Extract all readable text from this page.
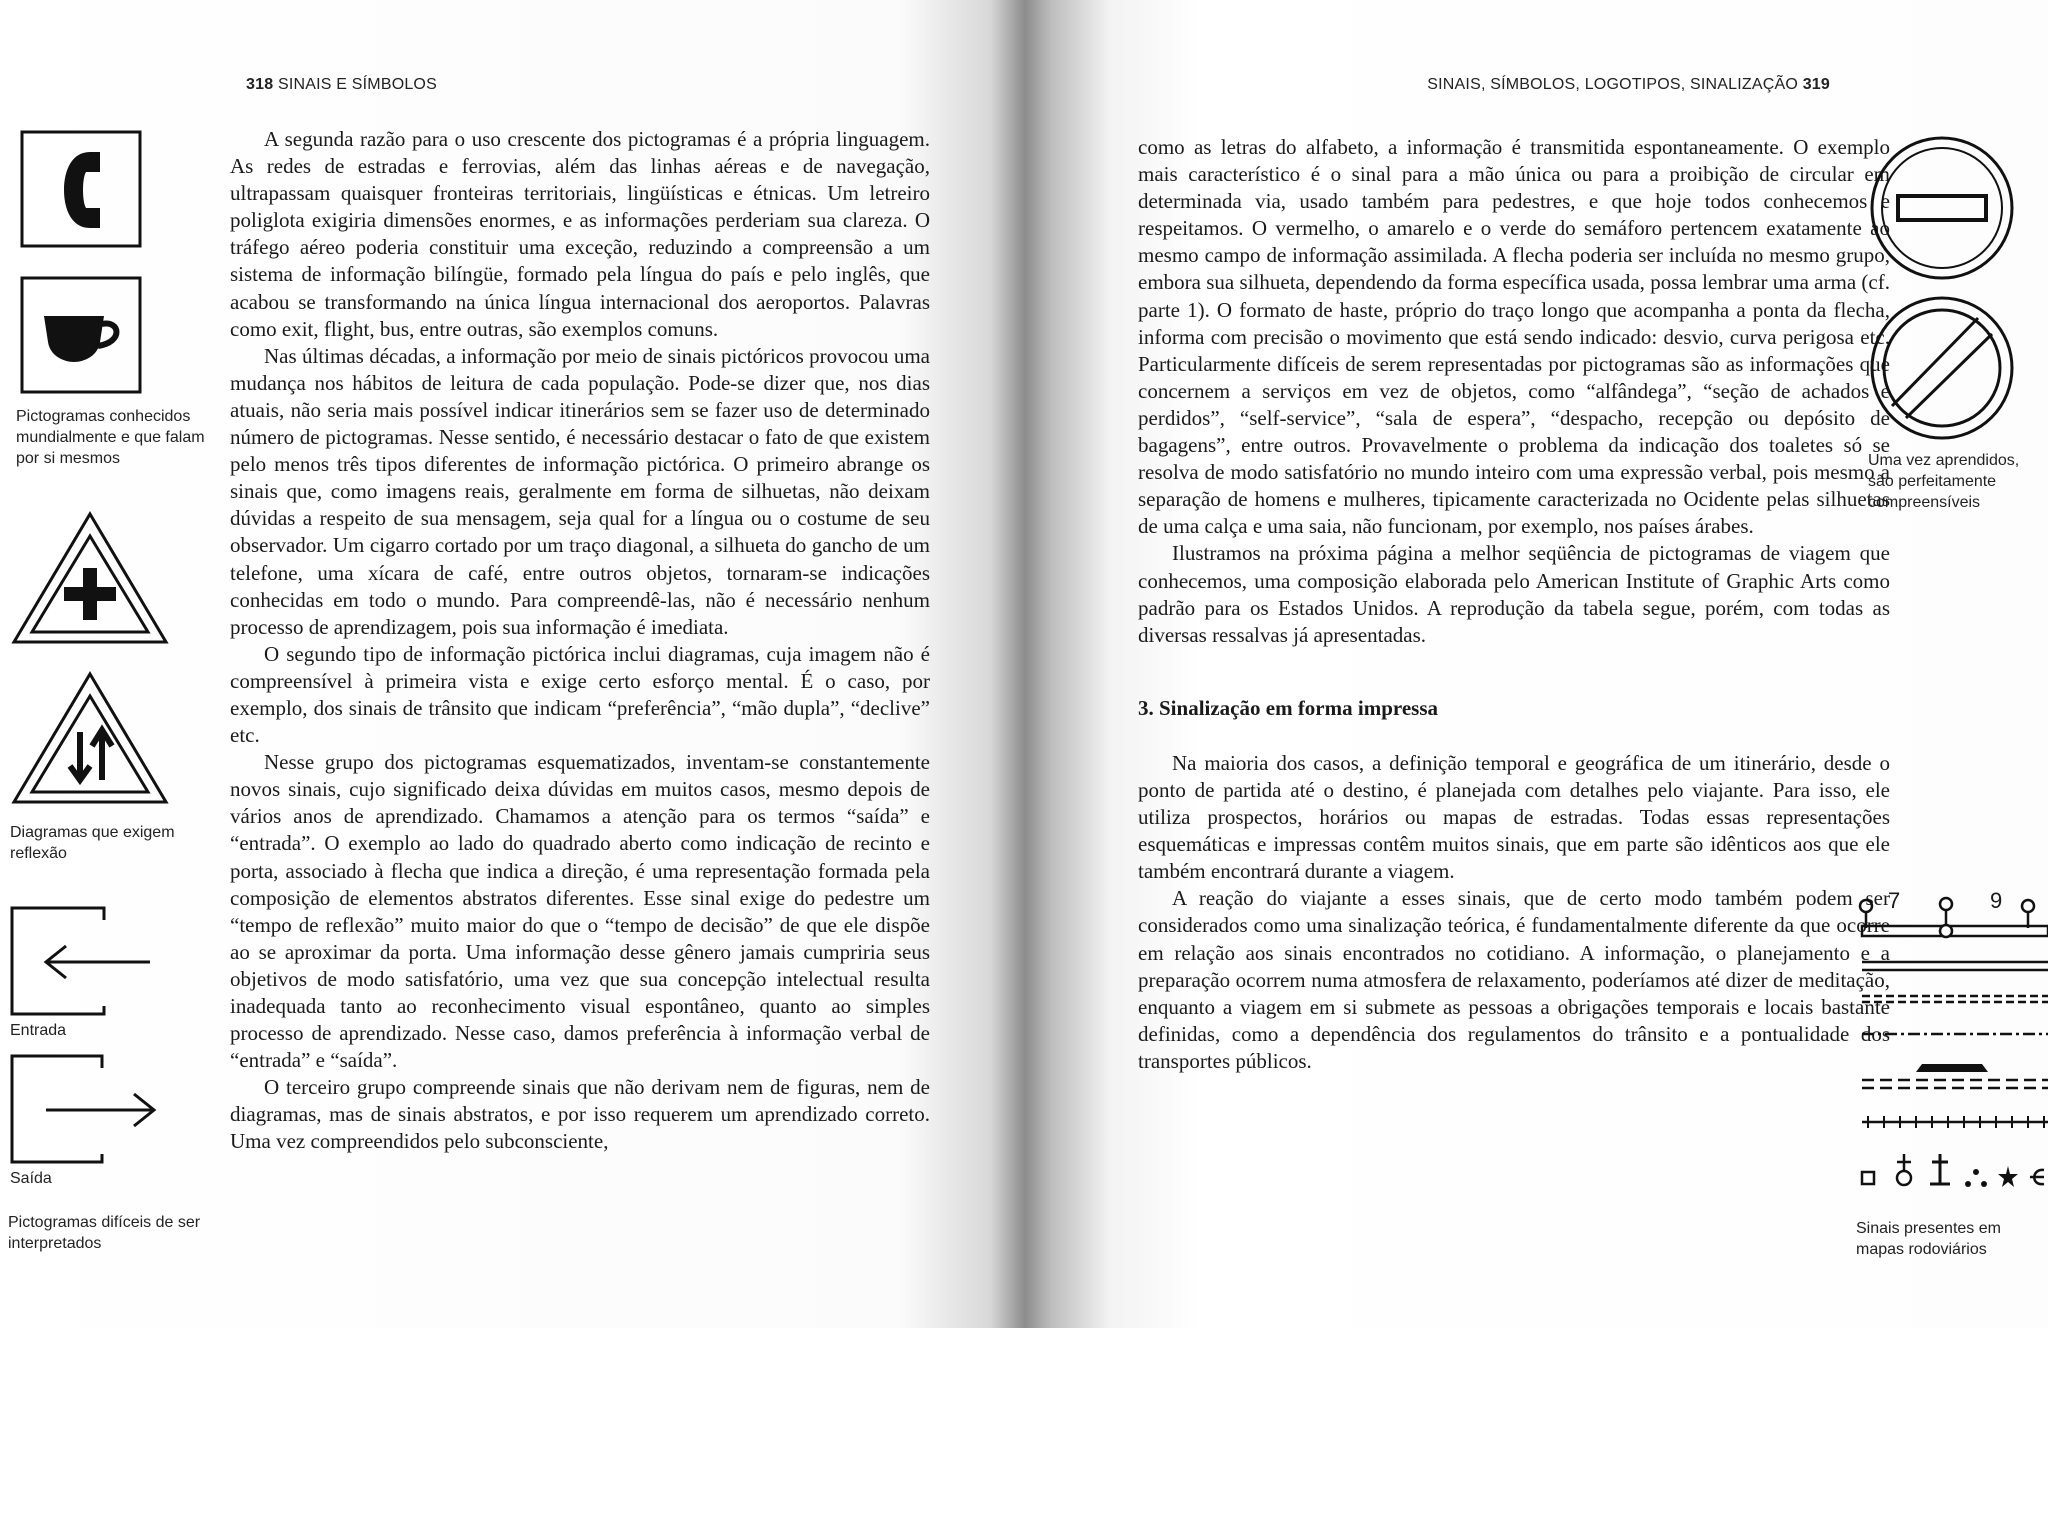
318 SINAIS E SÍMBOLOS
Pictogramas conhecidos mundialmente e que falam por si mesmos
Diagramas que exigem reflexão
Entrada
Saída
Pictogramas difíceis de ser interpretados

A segunda razão para o uso crescente dos pictogramas é a própria linguagem. As redes de estradas e ferrovias, além das linhas aéreas e de navegação, ultrapassam quaisquer fronteiras territoriais, lingüísticas e étnicas. Um letreiro poliglota exigiria dimensões enormes, e as informações perderiam sua clareza. O tráfego aéreo poderia constituir uma exceção, reduzindo a compreensão a um sistema de informação bilíngüe, formado pela língua do país e pelo inglês, que acabou se transformando na única língua internacional dos aeroportos. Palavras como exit, flight, bus, entre outras, são exemplos comuns.

Nas últimas décadas, a informação por meio de sinais pictóricos provocou uma mudança nos hábitos de leitura de cada população. Pode-se dizer que, nos dias atuais, não seria mais possível indicar itinerários sem se fazer uso de determinado número de pictogramas. Nesse sentido, é necessário destacar o fato de que existem pelo menos três tipos diferentes de informação pictórica. O primeiro abrange os sinais que, como imagens reais, geralmente em forma de silhuetas, não deixam dúvidas a respeito de sua mensagem, seja qual for a língua ou o costume de seu observador. Um cigarro cortado por um traço diagonal, a silhueta do gancho de um telefone, uma xícara de café, entre outros objetos, tornaram-se indicações conhecidas em todo o mundo. Para compreendê-las, não é necessário nenhum processo de aprendizagem, pois sua informação é imediata.

O segundo tipo de informação pictórica inclui diagramas, cuja imagem não é compreensível à primeira vista e exige certo esforço mental. É o caso, por exemplo, dos sinais de trânsito que indicam “preferência”, “mão dupla”, “declive” etc.

Nesse grupo dos pictogramas esquematizados, inventam-se constantemente novos sinais, cujo significado deixa dúvidas em muitos casos, mesmo depois de vários anos de aprendizado. Chamamos a atenção para os termos “saída” e “entrada”. O exemplo ao lado do quadrado aberto como indicação de recinto e porta, associado à flecha que indica a direção, é uma representação formada pela composição de elementos abstratos diferentes. Esse sinal exige do pedestre um “tempo de reflexão” muito maior do que o “tempo de decisão” de que ele dispõe ao se aproximar da porta. Uma informação desse gênero jamais cumpriria seus objetivos de modo satisfatório, uma vez que sua concepção intelectual resulta inadequada tanto ao reconhecimento visual espontâneo, quanto ao simples processo de aprendizado. Nesse caso, damos preferência à informação verbal de “entrada” e “saída”.

O terceiro grupo compreende sinais que não derivam nem de figuras, nem de diagramas, mas de sinais abstratos, e por isso requerem um aprendizado correto. Uma vez compreendidos pelo subconsciente,

SINAIS, SÍMBOLOS, LOGOTIPOS, SINALIZAÇÃO 319

como as letras do alfabeto, a informação é transmitida espontaneamente. O exemplo mais característico é o sinal para a mão única ou para a proibição de circular em determinada via, usado também para pedestres, e que hoje todos conhecemos e respeitamos. O vermelho, o amarelo e o verde do semáforo pertencem exatamente ao mesmo campo de informação assimilada. A flecha poderia ser incluída no mesmo grupo, embora sua silhueta, dependendo da forma específica usada, possa lembrar uma arma (cf. parte 1). O formato de haste, próprio do traço longo que acompanha a ponta da flecha, informa com precisão o movimento que está sendo indicado: desvio, curva perigosa etc. Particularmente difíceis de serem representadas por pictogramas são as informações que concernem a serviços em vez de objetos, como “alfândega”, “seção de achados e perdidos”, “self-service”, “sala de espera”, “despacho, recepção ou depósito de bagagens”, entre outros. Provavelmente o problema da indicação dos toaletes só se resolva de modo satisfatório no mundo inteiro com uma expressão verbal, pois mesmo a separação de homens e mulheres, tipicamente caracterizada no Ocidente pelas silhuetas de uma calça e uma saia, não funcionam, por exemplo, nos países árabes.

Ilustramos na próxima página a melhor seqüência de pictogramas de viagem que conhecemos, uma composição elaborada pelo American Institute of Graphic Arts como padrão para os Estados Unidos. A reprodução da tabela segue, porém, com todas as diversas ressalvas já apresentadas.

3. Sinalização em forma impressa

Na maioria dos casos, a definição temporal e geográfica de um itinerário, desde o ponto de partida até o destino, é planejada com detalhes pelo viajante. Para isso, ele utiliza prospectos, horários ou mapas de estradas. Todas essas representações esquemáticas e impressas contêm muitos sinais, que em parte são idênticos aos que ele também encontrará durante a viagem.

A reação do viajante a esses sinais, que de certo modo também podem ser considerados como uma sinalização teórica, é fundamentalmente diferente da que ocorre em relação aos sinais encontrados no cotidiano. A informação, o planejamento e a preparação ocorrem numa atmosfera de relaxamento, poderíamos até dizer de meditação, enquanto a viagem em si submete as pessoas a obrigações temporais e locais bastante definidas, como a dependência dos regulamentos do trânsito e a pontualidade dos transportes públicos.

Uma vez aprendidos, são perfeitamente compreensíveis
7	9
Sinais presentes em mapas rodoviários
